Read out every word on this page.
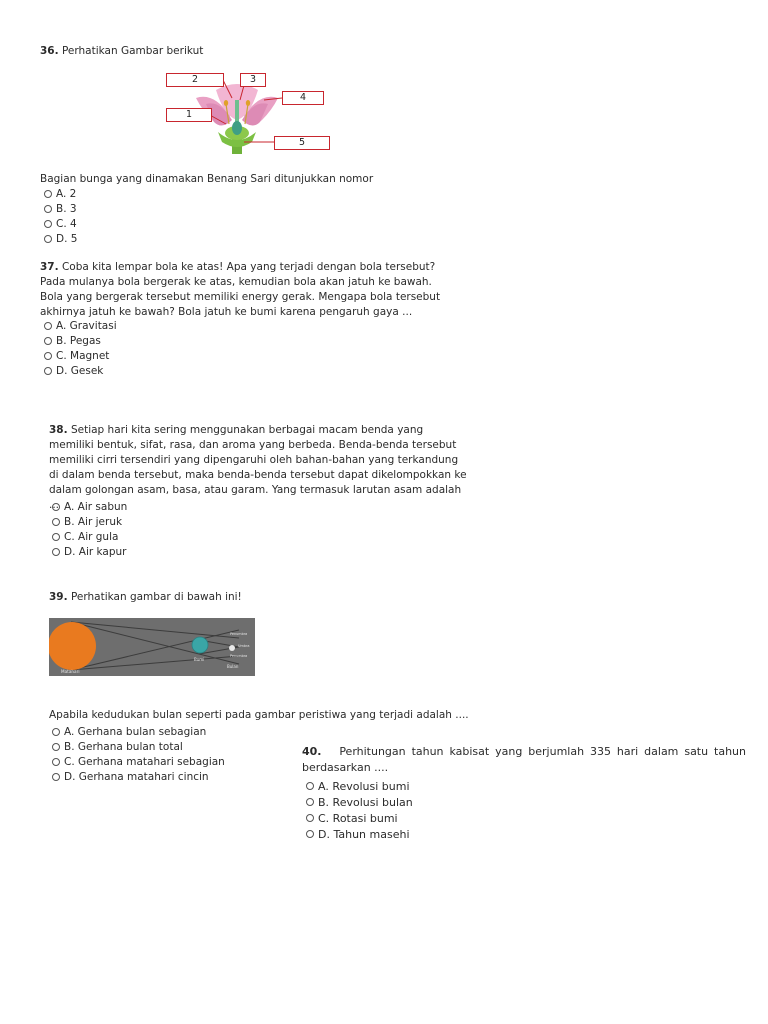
36. Perhatikan Gambar berikut
2	3
4
1
5
Bagian bunga yang dinamakan Benang Sari ditunjukkan nomor
A. 2
B. 3
C. 4
D. 5
37. Coba kita lempar bola ke atas! Apa yang terjadi dengan bola tersebut? Pada mulanya bola bergerak ke atas, kemudian bola akan jatuh ke bawah. Bola yang bergerak tersebut memiliki energy gerak. Mengapa bola tersebut akhirnya jatuh ke bawah? Bola jatuh ke bumi karena pengaruh gaya ...
A. Gravitasi
B. Pegas
C. Magnet
D. Gesek
38. Setiap hari kita sering menggunakan berbagai macam benda yang memiliki bentuk, sifat, rasa, dan aroma yang berbeda. Benda-benda tersebut memiliki cirri tersendiri yang dipengaruhi oleh bahan-bahan yang terkandung di dalam benda tersebut, maka benda-benda tersebut dapat dikelompokkan ke dalam golongan asam, basa, atau garam. Yang termasuk larutan asam adalah ... A. Air sabun
B. Air jeruk
C. Air gula
D. Air kapur
39. Perhatikan gambar di bawah ini!
Matahari
Bumi
Bulan
Penumbra
Umbra
Penumbra
Apabila kedudukan bulan seperti pada gambar peristiwa yang terjadi adalah ....
A. Gerhana bulan sebagian
B. Gerhana bulan total
C. Gerhana matahari sebagian
D. Gerhana matahari cincin
40. Perhitungan tahun kabisat yang berjumlah 335 hari dalam satu tahun berdasarkan ....
A. Revolusi bumi
B. Revolusi bulan
C. Rotasi bumi
D. Tahun masehi
